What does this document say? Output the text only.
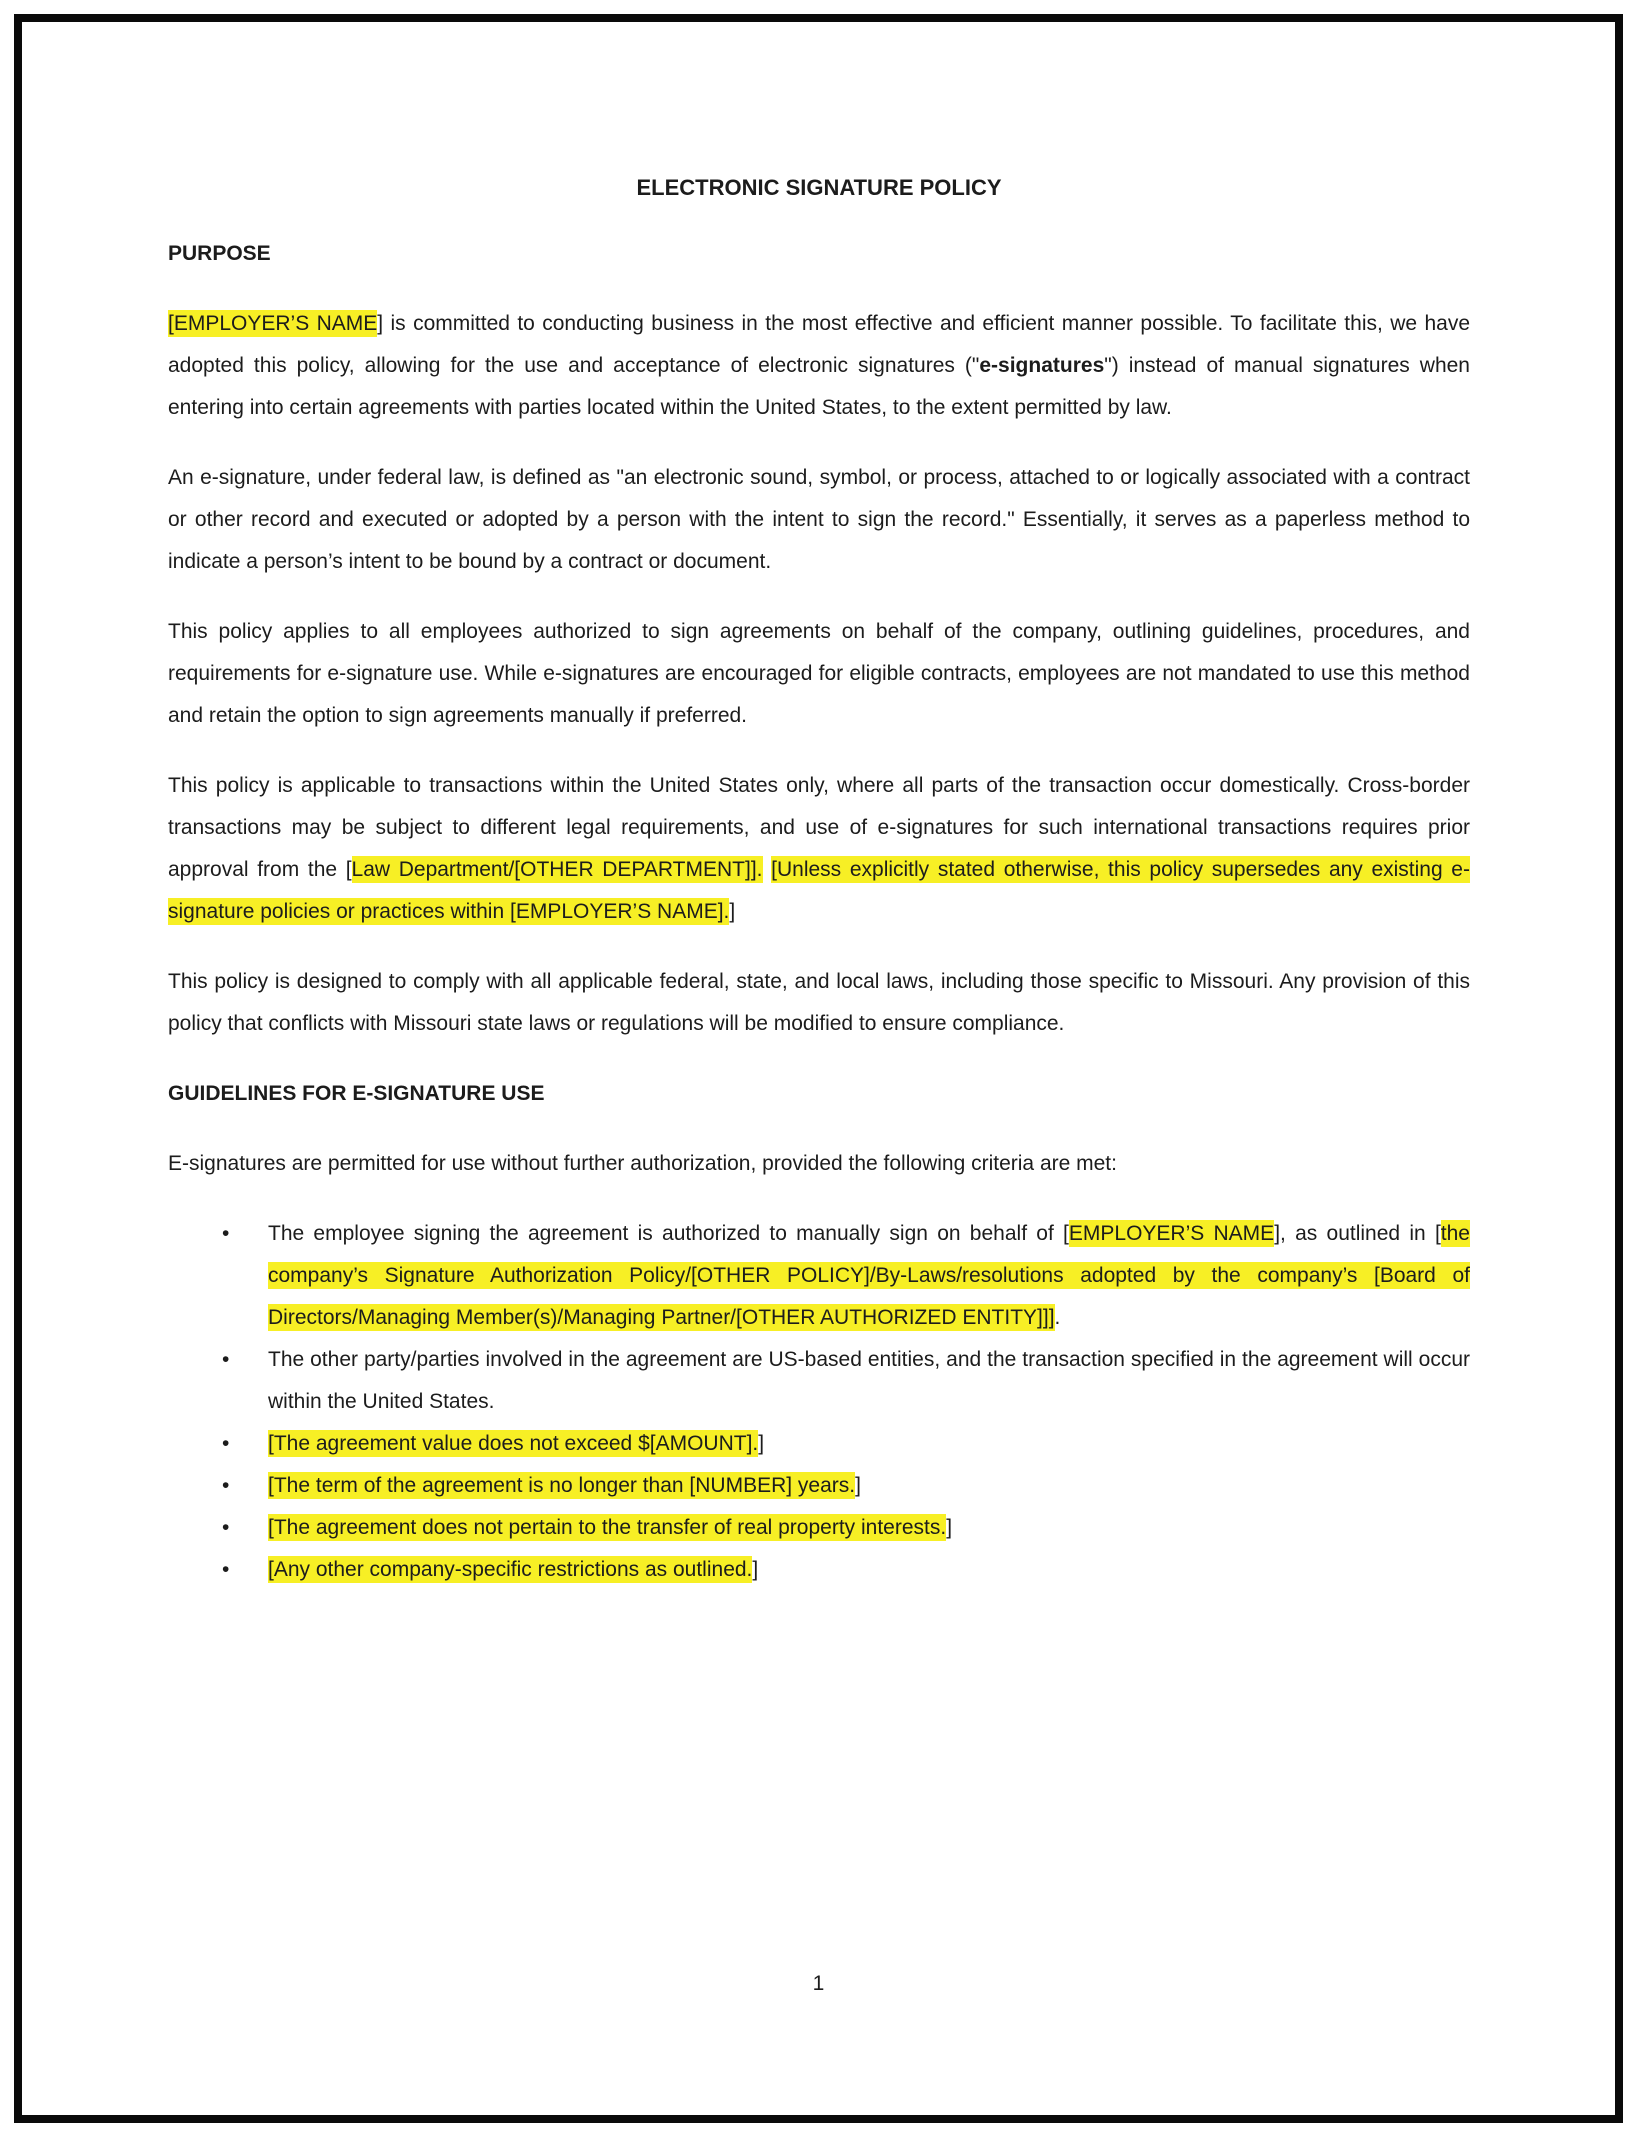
ELECTRONIC SIGNATURE POLICY
PURPOSE

[EMPLOYER’S NAME] is committed to conducting business in the most effective and efficient manner possible. To facilitate this, we have adopted this policy, allowing for the use and acceptance of electronic signatures ("e-signatures") instead of manual signatures when entering into certain agreements with parties located within the United States, to the extent permitted by law.

An e-signature, under federal law, is defined as "an electronic sound, symbol, or process, attached to or logically associated with a contract or other record and executed or adopted by a person with the intent to sign the record." Essentially, it serves as a paperless method to indicate a person’s intent to be bound by a contract or document.

This policy applies to all employees authorized to sign agreements on behalf of the company, outlining guidelines, procedures, and requirements for e-signature use. While e-signatures are encouraged for eligible contracts, employees are not mandated to use this method and retain the option to sign agreements manually if preferred.

This policy is applicable to transactions within the United States only, where all parts of the transaction occur domestically. Cross-border transactions may be subject to different legal requirements, and use of e-signatures for such international transactions requires prior approval from the [Law Department/[OTHER DEPARTMENT]]. [Unless explicitly stated otherwise, this policy supersedes any existing e-signature policies or practices within [EMPLOYER’S NAME].]

This policy is designed to comply with all applicable federal, state, and local laws, including those specific to Missouri. Any provision of this policy that conflicts with Missouri state laws or regulations will be modified to ensure compliance.

GUIDELINES FOR E-SIGNATURE USE

E-signatures are permitted for use without further authorization, provided the following criteria are met:

• The employee signing the agreement is authorized to manually sign on behalf of [EMPLOYER’S NAME], as outlined in [the company’s Signature Authorization Policy/[OTHER POLICY]/By-Laws/resolutions adopted by the company’s [Board of Directors/Managing Member(s)/Managing Partner/[OTHER AUTHORIZED ENTITY]]].
• The other party/parties involved in the agreement are US-based entities, and the transaction specified in the agreement will occur within the United States.
• [The agreement value does not exceed $[AMOUNT].]
• [The term of the agreement is no longer than [NUMBER] years.]
• [The agreement does not pertain to the transfer of real property interests.]
• [Any other company-specific restrictions as outlined.]
1
